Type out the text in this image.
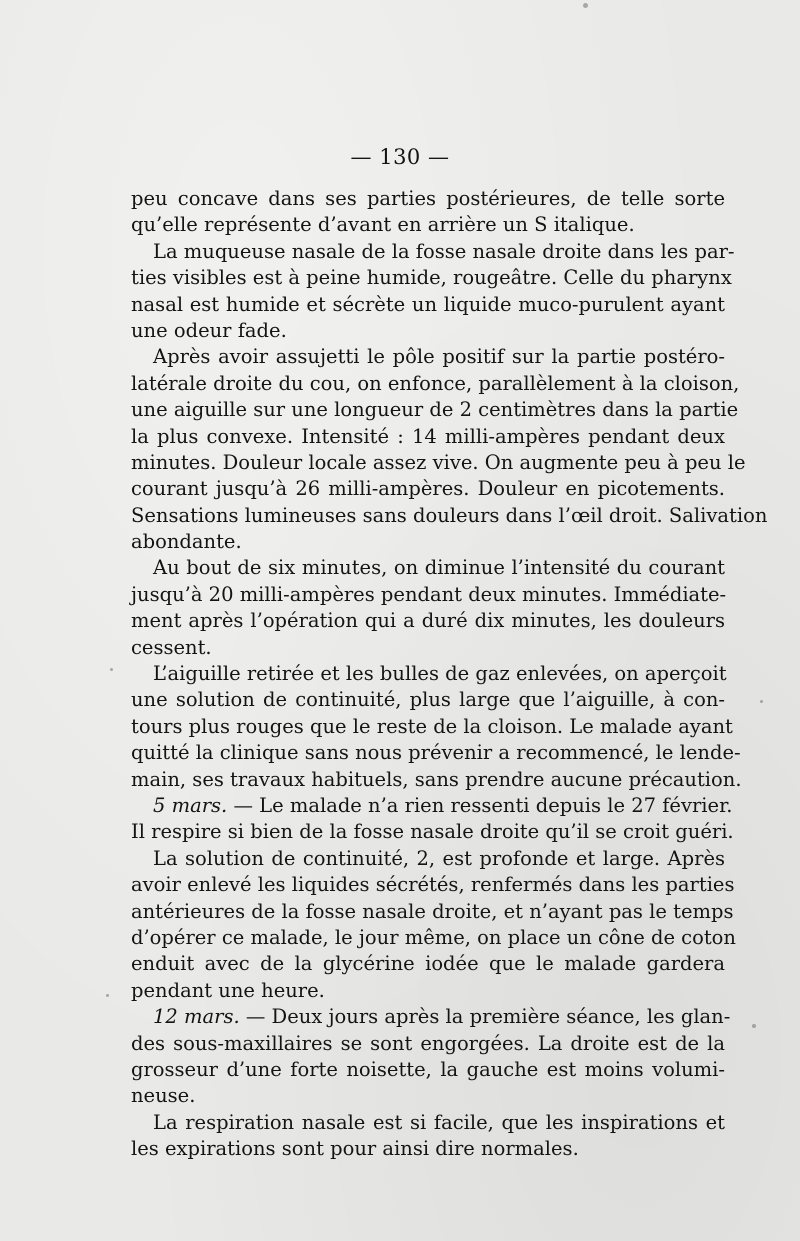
— 130 —
peu concave dans ses parties postérieures, de telle sorte
qu’elle représente d’avant en arrière un S italique.
La muqueuse nasale de la fosse nasale droite dans les par-
ties visibles est à peine humide, rougeâtre. Celle du pharynx
nasal est humide et sécrète un liquide muco-purulent ayant
une odeur fade.
Après avoir assujetti le pôle positif sur la partie postéro-
latérale droite du cou, on enfonce, parallèlement à la cloison,
une aiguille sur une longueur de 2 centimètres dans la partie
la plus convexe. Intensité : 14 milli-ampères pendant deux
minutes. Douleur locale assez vive. On augmente peu à peu le
courant jusqu’à 26 milli-ampères. Douleur en picotements.
Sensations lumineuses sans douleurs dans l’œil droit. Salivation
abondante.
Au bout de six minutes, on diminue l’intensité du courant
jusqu’à 20 milli-ampères pendant deux minutes. Immédiate-
ment après l’opération qui a duré dix minutes, les douleurs
cessent.
L’aiguille retirée et les bulles de gaz enlevées, on aperçoit
une solution de continuité, plus large que l’aiguille, à con-
tours plus rouges que le reste de la cloison. Le malade ayant
quitté la clinique sans nous prévenir a recommencé, le lende-
main, ses travaux habituels, sans prendre aucune précaution.
5 mars. — Le malade n’a rien ressenti depuis le 27 février.
Il respire si bien de la fosse nasale droite qu’il se croit guéri.
La solution de continuité, 2, est profonde et large. Après
avoir enlevé les liquides sécrétés, renfermés dans les parties
antérieures de la fosse nasale droite, et n’ayant pas le temps
d’opérer ce malade, le jour même, on place un cône de coton
enduit avec de la glycérine iodée que le malade gardera
pendant une heure.
12 mars. — Deux jours après la première séance, les glan-
des sous-maxillaires se sont engorgées. La droite est de la
grosseur d’une forte noisette, la gauche est moins volumi-
neuse.
La respiration nasale est si facile, que les inspirations et
les expirations sont pour ainsi dire normales.
